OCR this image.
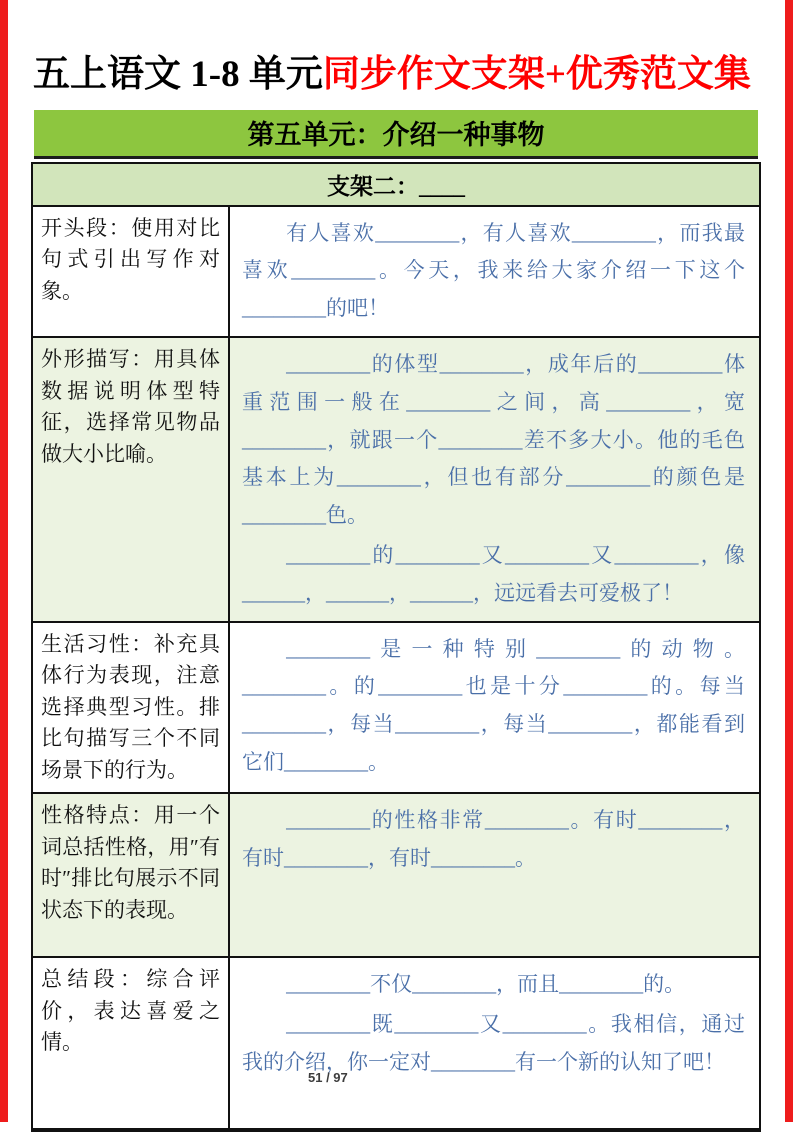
五上语文 1-8 单元同步作文支架+优秀范文集
第五单元：介绍一种事物
支架二：____
开头段：使用对比句式引出写作对象。

有人喜欢________，有人喜欢________，而我最喜欢________。今天，我来给大家介绍一下这个________的吧！

外形描写：用具体数据说明体型特征，选择常见物品做大小比喻。

________的体型________，成年后的________体重范围一般在________之间，高________，宽________，就跟一个________差不多大小。他的毛色基本上为________，但也有部分________的颜色是________色。

________的________又________又________，像______，______，______，远远看去可爱极了！

生活习性：补充具体行为表现，注意选择典型习性。排比句描写三个不同场景下的行为。

________是一种特别________的动物。________。的________也是十分________的。每当________，每当________，每当________，都能看到它们________。

性格特点：用一个词总括性格，用″有时″排比句展示不同状态下的表现。

________的性格非常________。有时________，有时________，有时________。

总结段：综合评价，表达喜爱之情。

________不仅________，而且________的。

________既________又________。我相信，通过我的介绍，你一定对________有一个新的认知了吧！

51 / 97
